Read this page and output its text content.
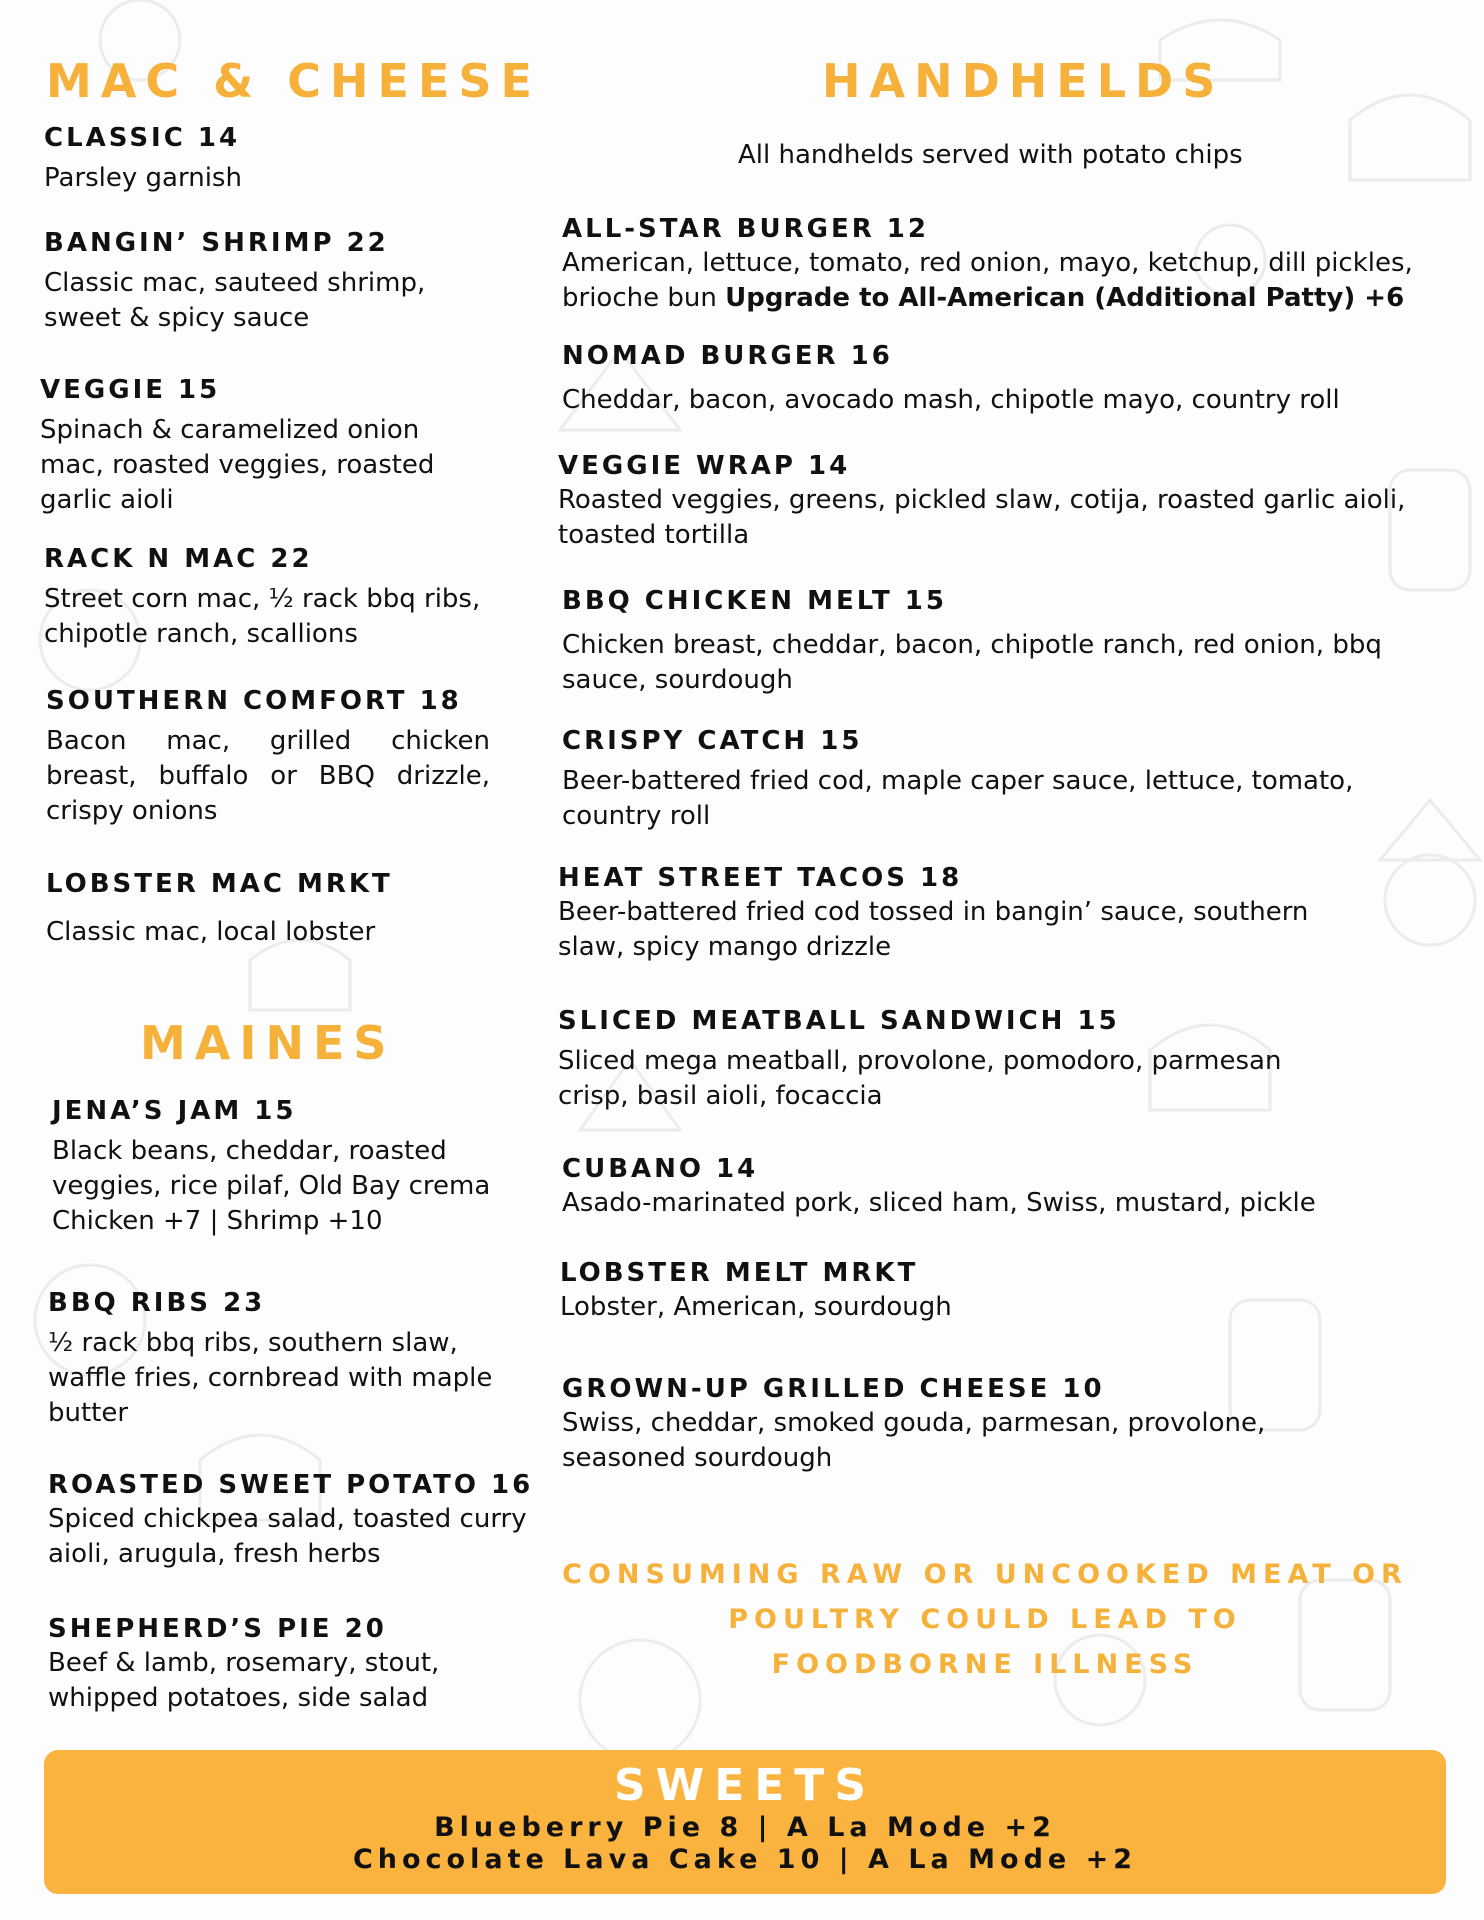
MAC & CHEESE
CLASSIC 14
Parsley garnish
BANGIN’ SHRIMP 22
Classic mac, sauteed shrimp, sweet & spicy sauce
VEGGIE 15
Spinach & caramelized onion mac, roasted veggies, roasted garlic aioli
RACK N MAC 22
Street corn mac, ½ rack bbq ribs, chipotle ranch, scallions
SOUTHERN COMFORT 18
Bacon mac, grilled chicken breast, buffalo or BBQ drizzle, crispy onions
LOBSTER MAC MRKT
Classic mac, local lobster
MAINES
JENA’S JAM 15
Black beans, cheddar, roasted veggies, rice pilaf, Old Bay crema
Chicken +7 | Shrimp +10
BBQ RIBS 23
½ rack bbq ribs, southern slaw, waffle fries, cornbread with maple butter
ROASTED SWEET POTATO 16
Spiced chickpea salad, toasted curry aioli, arugula, fresh herbs
SHEPHERD’S PIE 20
Beef & lamb, rosemary, stout, whipped potatoes, side salad
HANDHELDS
All handhelds served with potato chips
ALL-STAR BURGER 12
American, lettuce, tomato, red onion, mayo, ketchup, dill pickles, brioche bun Upgrade to All-American (Additional Patty) +6
NOMAD BURGER 16
Cheddar, bacon, avocado mash, chipotle mayo, country roll
VEGGIE WRAP 14
Roasted veggies, greens, pickled slaw, cotija, roasted garlic aioli, toasted tortilla
BBQ CHICKEN MELT 15
Chicken breast, cheddar, bacon, chipotle ranch, red onion, bbq sauce, sourdough
CRISPY CATCH 15
Beer-battered fried cod, maple caper sauce, lettuce, tomato, country roll
HEAT STREET TACOS 18
Beer-battered fried cod tossed in bangin’ sauce, southern slaw, spicy mango drizzle
SLICED MEATBALL SANDWICH 15
Sliced mega meatball, provolone, pomodoro, parmesan crisp, basil aioli, focaccia
CUBANO 14
Asado-marinated pork, sliced ham, Swiss, mustard, pickle
LOBSTER MELT MRKT
Lobster, American, sourdough
GROWN-UP GRILLED CHEESE 10
Swiss, cheddar, smoked gouda, parmesan, provolone, seasoned sourdough
CONSUMING RAW OR UNCOOKED MEAT OR
POULTRY COULD LEAD TO
FOODBORNE ILLNESS
SWEETS
Blueberry Pie 8 | A La Mode +2
Chocolate Lava Cake 10 | A La Mode +2
